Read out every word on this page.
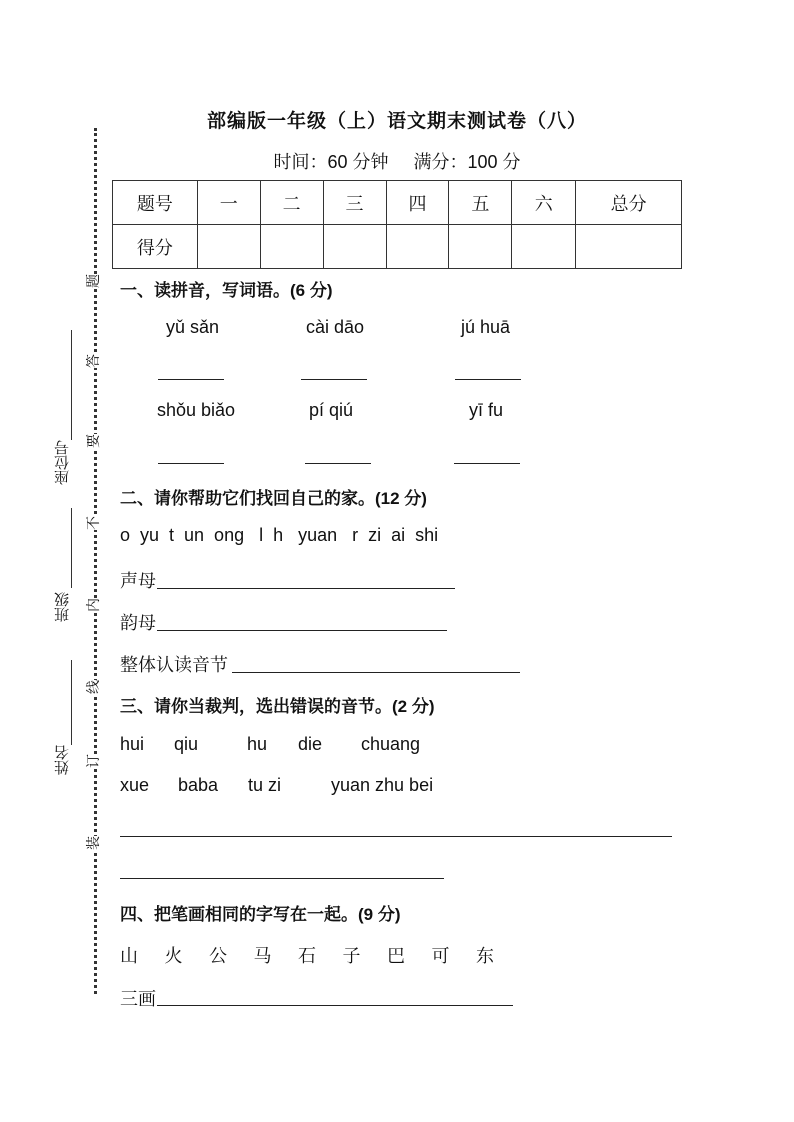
部编版一年级（上）语文期末测试卷（八）
时间：60 分钟 满分：100 分
题号	一	二	三	四	五	六	总分
得分							
题
答
要
不
内
线
订
装
座位号
班级
姓名
一、读拼音，写词语。(6 分)
yǔ sǎn	cài dāo	jú huā
shǒu biǎo	pí qiú	yī fu
二、请你帮助它们找回自己的家。(12 分)
o  yu  t  un  ong   l  h   yuan   r  zi  ai  shi
声母
韵母
整体认读音节
三、请你当裁判，选出错误的音节。(2 分)
hui qiu	hu die chuang
xue baba tu zi	yuan zhu bei
四、把笔画相同的字写在一起。(9 分)
山 火 公 马 石 子 巴 可 东
三画
